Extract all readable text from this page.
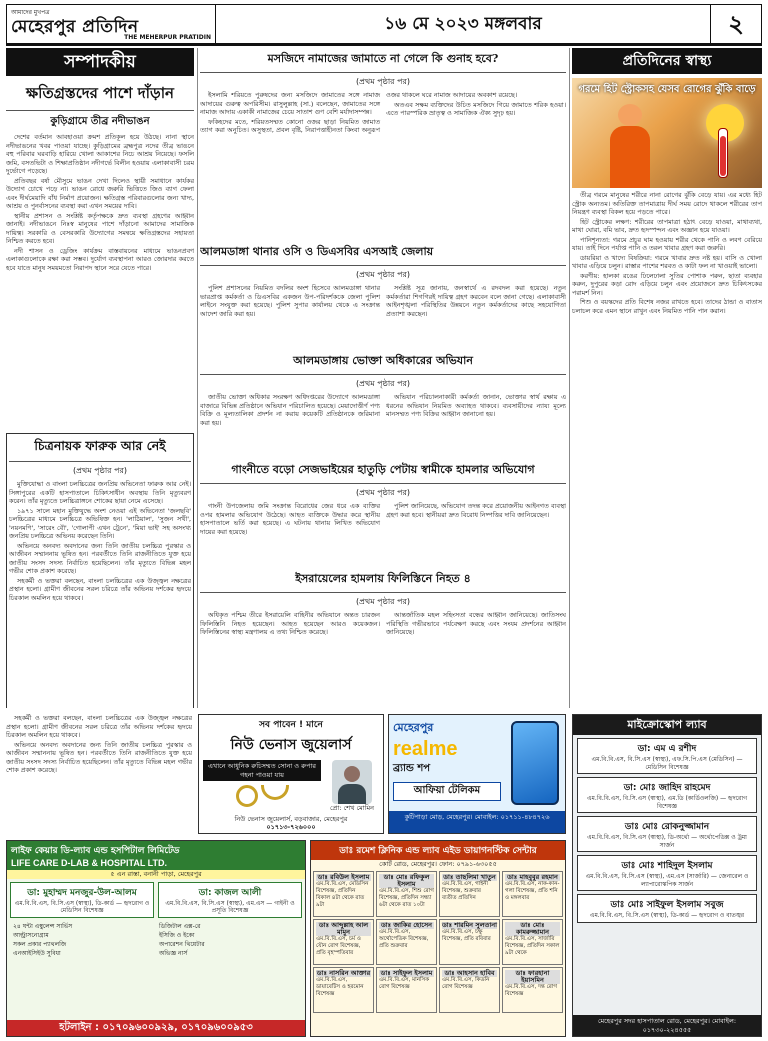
আমাদের মুখপত্র
মেহেরপুর প্রতিদিন
THE MEHERPUR PRATIDIN
১৬ মে ২০২৩ মঙ্গলবার	২
সম্পাদকীয়
ক্ষতিগ্রস্তদের পাশে দাঁড়ান
কুড়িগ্রামে তীব্র নদীভাঙন

দেশের বর্তমান আবহাওয়া ক্রমশ প্রতিকূল হয়ে উঠছে। নানা স্থানে নদীভাঙনের খবর পাওয়া যাচ্ছে। কুড়িগ্রামের ব্রহ্মপুত্র নদের তীব্র ভাঙনে বহু পরিবার ঘরবাড়ি হারিয়ে খোলা আকাশের নিচে আশ্রয় নিয়েছে। ফসলি জমি, বসতভিটা ও শিক্ষাপ্রতিষ্ঠান নদীগর্ভে বিলীন হওয়ায় এলাকাবাসী চরম দুর্ভোগে পড়েছে।

প্রতিবছর বর্ষা মৌসুমে ভাঙন দেখা দিলেও স্থায়ী সমাধানে কার্যকর উদ্যোগ চোখে পড়ে না। ভাঙন রোধে জরুরি ভিত্তিতে জিও ব্যাগ ফেলা এবং দীর্ঘমেয়াদি বাঁধ নির্মাণ প্রয়োজন। ক্ষতিগ্রস্ত পরিবারগুলোর জন্য খাদ্য, আশ্রয় ও পুনর্বাসনের ব্যবস্থা করা এখন সময়ের দাবি।

স্থানীয় প্রশাসন ও সংশ্লিষ্ট কর্তৃপক্ষকে দ্রুত ব্যবস্থা গ্রহণের আহ্বান জানাই। নদীভাঙনে নিঃস্ব মানুষের পাশে দাঁড়ানো আমাদের সামাজিক দায়িত্ব। সরকারি ও বেসরকারি উদ্যোগের সমন্বয়ে ক্ষতিগ্রস্তদের সহায়তা নিশ্চিত করতে হবে।

নদী শাসন ও ড্রেজিং কার্যক্রম বাস্তবায়নের মাধ্যমে ভাঙনপ্রবণ এলাকাগুলোকে রক্ষা করা সম্ভব। দুর্যোগ ব্যবস্থাপনা আরও জোরদার করতে হবে যাতে মানুষ সময়মতো নিরাপদ স্থানে সরে যেতে পারে।

চিত্রনায়ক ফারুক আর নেই
(প্রথম পৃষ্ঠার পর)

মুক্তিযোদ্ধা ও বাংলা চলচ্চিত্রের জনপ্রিয় অভিনেতা ফারুক আর নেই। সিঙ্গাপুরের একটি হাসপাতালে চিকিৎসাধীন অবস্থায় তিনি মৃত্যুবরণ করেন। তাঁর মৃত্যুতে চলচ্চিত্রাঙ্গনে শোকের ছায়া নেমে এসেছে।

১৯৭১ সালে মহান মুক্তিযুদ্ধে অংশ নেওয়া এই অভিনেতা 'জলছবি' চলচ্চিত্রের মাধ্যমে চলচ্চিত্রে অভিষিক্ত হন। 'লাঠিয়াল', 'সুজন সখী', 'নয়নমণি', 'সারেং বৌ', 'গোলাপী এখন ট্রেনে', 'মিয়া ভাই' সহ অসংখ্য জনপ্রিয় চলচ্চিত্রে অভিনয় করেছেন তিনি।

অভিনয়ে অনবদ্য অবদানের জন্য তিনি জাতীয় চলচ্চিত্র পুরস্কার ও আজীবন সম্মাননায় ভূষিত হন। পরবর্তীতে তিনি রাজনীতিতে যুক্ত হয়ে জাতীয় সংসদ সদস্য নির্বাচিত হয়েছিলেন। তাঁর মৃত্যুতে বিভিন্ন মহল গভীর শোক প্রকাশ করেছে।

সহকর্মী ও ভক্তরা বলছেন, বাংলা চলচ্চিত্রের এক উজ্জ্বল নক্ষত্রের প্রস্থান হলো। গ্রামীণ জীবনের সরল চরিত্রে তাঁর অভিনয় দর্শকের হৃদয়ে চিরকাল অমলিন হয়ে থাকবে।

মসজিদে নামাজের জামাতে না গেলে কি গুনাহ হবে?
(প্রথম পৃষ্ঠার পর)

ইসলামি শরিয়তে পুরুষদের জন্য মসজিদে জামাতের সঙ্গে নামাজ আদায়ের গুরুত্ব অপরিসীম। রাসুলুল্লাহ (সা.) বলেছেন, জামাতের সঙ্গে নামাজ আদায় একাকী নামাজের চেয়ে সাতাশ গুণ বেশি মর্যাদাসম্পন্ন।

ফকিহদের মতে, শরিয়তসম্মত কোনো ওজর ছাড়া নিয়মিত জামাত ত্যাগ করা অনুচিত। অসুস্থতা, প্রবল বৃষ্টি, নিরাপত্তাহীনতা কিংবা অনুরূপ ওজর থাকলে ঘরে নামাজ আদায়ের অবকাশ রয়েছে।

অতএব সক্ষম ব্যক্তিদের উচিত মসজিদে গিয়ে জামাতে শরিক হওয়া। এতে পারস্পরিক ভ্রাতৃত্ব ও সামাজিক ঐক্য সুদৃঢ় হয়।

আলমডাঙ্গা থানার ওসি ও ডিএসবির এসআই জেলায়
(প্রথম পৃষ্ঠার পর)

পুলিশ প্রশাসনের নিয়মিত বদলির অংশ হিসেবে আলমডাঙ্গা থানার ভারপ্রাপ্ত কর্মকর্তা ও ডিএসবির একজন উপ-পরিদর্শককে জেলা পুলিশ লাইনে সংযুক্ত করা হয়েছে। পুলিশ সুপার কার্যালয় থেকে এ সংক্রান্ত আদেশ জারি করা হয়।

সংশ্লিষ্ট সূত্র জানায়, জনস্বার্থে এ রদবদল করা হয়েছে। নতুন কর্মকর্তারা শিগগিরই দায়িত্ব গ্রহণ করবেন বলে জানা গেছে। এলাকাবাসী আইনশৃঙ্খলা পরিস্থিতির উন্নয়নে নতুন কর্মকর্তাদের কাছে সহযোগিতা প্রত্যাশা করছেন।

আলমডাঙ্গায় ভোক্তা অধিকারের অভিযান
(প্রথম পৃষ্ঠার পর)

জাতীয় ভোক্তা অধিকার সংরক্ষণ অধিদপ্তরের উদ্যোগে আলমডাঙ্গা বাজারে বিভিন্ন প্রতিষ্ঠানে অভিযান পরিচালিত হয়েছে। মেয়াদোত্তীর্ণ পণ্য বিক্রি ও মূল্যতালিকা প্রদর্শন না করায় কয়েকটি প্রতিষ্ঠানকে জরিমানা করা হয়।

অভিযান পরিচালনাকারী কর্মকর্তা জানান, ভোক্তার স্বার্থ রক্ষায় এ ধরনের অভিযান নিয়মিত অব্যাহত থাকবে। ব্যবসায়ীদের ন্যায্য মূল্যে মানসম্মত পণ্য বিক্রির আহ্বান জানানো হয়।

গাংনীতে বড়ো সেজভাইয়ের হাতুড়ি পেটায় স্বামীকে হামলার অভিযোগ
(প্রথম পৃষ্ঠার পর)

গাংনী উপজেলায় জমি সংক্রান্ত বিরোধের জের ধরে এক ব্যক্তির ওপর হামলার অভিযোগ উঠেছে। আহত ব্যক্তিকে উদ্ধার করে স্থানীয় হাসপাতালে ভর্তি করা হয়েছে। এ ঘটনায় থানায় লিখিত অভিযোগ দায়ের করা হয়েছে।

পুলিশ জানিয়েছে, অভিযোগ তদন্ত করে প্রয়োজনীয় আইনগত ব্যবস্থা গ্রহণ করা হবে। স্থানীয়রা দ্রুত বিরোধ নিষ্পত্তির দাবি জানিয়েছেন।

ইসরায়েলের হামলায় ফিলিস্তিনে নিহত ৪
(প্রথম পৃষ্ঠার পর)

অধিকৃত পশ্চিম তীরে ইসরায়েলি বাহিনীর অভিযানে অন্তত চারজন ফিলিস্তিনি নিহত হয়েছেন। আহত হয়েছেন আরও কয়েকজন। ফিলিস্তিনের স্বাস্থ্য মন্ত্রণালয় এ তথ্য নিশ্চিত করেছে।

আন্তর্জাতিক মহল সহিংসতা বন্ধের আহ্বান জানিয়েছে। জাতিসংঘ পরিস্থিতি গভীরভাবে পর্যবেক্ষণ করছে এবং সংযম প্রদর্শনের আহ্বান জানিয়েছে।

প্রতিদিনের স্বাস্থ্য
গরমে হিট স্ট্রোকসহ যেসব রোগের ঝুঁকি বাড়ে

তীব্র গরমে মানুষের শরীরে নানা রোগের ঝুঁকি বেড়ে যায়। এর মধ্যে হিট স্ট্রোক অন্যতম। অতিরিক্ত তাপমাত্রায় দীর্ঘ সময় রোদে থাকলে শরীরের তাপ নিয়ন্ত্রণ ব্যবস্থা বিকল হয়ে পড়তে পারে।

হিট স্ট্রোকের লক্ষণ: শরীরের তাপমাত্রা হঠাৎ বেড়ে যাওয়া, মাথাব্যথা, মাথা ঘোরা, বমি ভাব, দ্রুত হৃদস্পন্দন এবং অজ্ঞান হয়ে যাওয়া।

পানিশূন্যতা: গরমে প্রচুর ঘাম হওয়ায় শরীর থেকে পানি ও লবণ বেরিয়ে যায়। তাই দিনে পর্যাপ্ত পানি ও তরল খাবার গ্রহণ করা জরুরি।

ডায়রিয়া ও খাদ্যে বিষক্রিয়া: গরমে খাবার দ্রুত নষ্ট হয়। বাসি ও খোলা খাবার এড়িয়ে চলুন। রাস্তার পাশের শরবত ও কাটা ফল না খাওয়াই ভালো।

করণীয়: হালকা রঙের ঢিলেঢালা সুতির পোশাক পরুন, ছাতা ব্যবহার করুন, দুপুরের কড়া রোদ এড়িয়ে চলুন এবং প্রয়োজনে দ্রুত চিকিৎসকের পরামর্শ নিন।

শিশু ও বয়স্কদের প্রতি বিশেষ নজর রাখতে হবে। তাদের ঠান্ডা ও বাতাস চলাচল করে এমন স্থানে রাখুন এবং নিয়মিত পানি পান করান।

সব পাবেন ! মানে
নিউ ভেনাস জুয়েলার্স
এখানে আধুনিক রুচিসম্মত সোনা ও রুপার গহনা পাওয়া যায়
প্রো: শেখ মোমিন
নিউ ভেনাস জুয়েলার্স, বড়বাজার, মেহেরপুর
০১৭১৩-৭২৬০০০
মেহেরপুর
realme
ব্র্যান্ড শপ
আফিয়া টেলিকম
কুটিপাড়া মোড়, মেহেরপুর। মোবাইল: ০১৭১১-৪৮৪৭২৬
মাইক্রোস্কোপ ল্যাব
ডা: এম এ রশীদ
এম.বি.বি.এস, বি.সি.এস (স্বাস্থ্য), এফ.সি.পি.এস (মেডিসিন) — মেডিসিন বিশেষজ্ঞ
ডা: মোঃ জাহিদ রাহমেদ
এম.বি.বি.এস, বি.সি.এস (স্বাস্থ্য), এম.ডি (কার্ডিওলজি) — হৃদরোগ বিশেষজ্ঞ
ডাঃ মোঃ রোকনুজ্জামান
এম.বি.বি.এস, বি.সি.এস (স্বাস্থ্য), ডি-অর্থো — অর্থোপেডিক্স ও ট্রমা সার্জন
ডাঃ মোঃ শাহিদুল ইসলাম
এম.বি.বি.এস, বি.সি.এস (স্বাস্থ্য), এম.এস (সার্জারি) — জেনারেল ও ল্যাপারোস্কপিক সার্জন
ডাঃ মোঃ সাইফুল ইসলাম সবুজ
এম.বি.বি.এস, বি.সি.এস (স্বাস্থ্য), ডি-কার্ড — হৃদরোগ ও বাতজ্বর
মেহেরপুর সদর হাসপাতাল রোড, মেহেরপুর। মোবাইল: ০১৭৩০-২২৪৫৫৫
লাইফ কেয়ার ডি-ল্যাব এন্ড হসপিটাল লিমিটেড
LIFE CARE D-LAB & HOSPITAL LTD.
৫ এন রাস্তা, বনানী পাড়া, মেহেরপুর
ডা: মুহাম্মদ মনজুর-উল-আলম
এম.বি.বি.এস, বি.সি.এস (স্বাস্থ্য), ডি-কার্ড — হৃদরোগ ও মেডিসিন বিশেষজ্ঞ
ডা: কাজল আলী
এম.বি.বি.এস, বি.সি.এস (স্বাস্থ্য), এম.এস — গাইনী ও প্রসূতি বিশেষজ্ঞ
২৪ ঘন্টা এম্বুলেন্স সার্ভিস	ডিজিটাল এক্স-রে
আল্ট্রাসনোগ্রাম	ইসিজি ও ইকো
সকল প্রকার প্যাথলজি	অপারেশন থিয়েটার
এনআইসিইউ সুবিধা	অভিজ্ঞ নার্স
হটলাইন : ০১৭০৯৬০০৯২৯, ০১৭০৯৬০০৯৫৩
ডাঃ রমেশ ক্লিনিক এন্ড ল্যাব এইড ডায়াগনস্টিক সেন্টার
কোর্ট রোড, মেহেরপুর। ফোন: ০৭৯১-৬৩০৫৫
ডাঃ রবিউল ইসলাম
এম.বি.বি.এস, মেডিসিন বিশেষজ্ঞ, প্রতিদিন বিকাল ৪টা থেকে রাত ৯টা
ডাঃ মোঃ রফিকুল ইসলাম
এম.বি.বি.এস, শিশু রোগ বিশেষজ্ঞ, প্রতিদিন সন্ধ্যা ৬টা থেকে রাত ১০টা
ডাঃ তাছলিমা খাতুন
এম.বি.বি.এস, গাইনী বিশেষজ্ঞ, শুক্রবার ব্যতীত প্রতিদিন
ডাঃ মাহবুবুর রহমান
এম.বি.বি.এস, নাক-কান-গলা বিশেষজ্ঞ, প্রতি শনি ও মঙ্গলবার
ডাঃ আব্দুল্লাহ আল মামুন
এম.বি.বি.এস, চর্ম ও যৌন রোগ বিশেষজ্ঞ, প্রতি বৃহস্পতিবার
ডাঃ জাকির হোসেন
এম.বি.বি.এস, অর্থোপেডিক বিশেষজ্ঞ, প্রতি শুক্রবার
ডাঃ শারমিন সুলতানা
এম.বি.বি.এস, চক্ষু বিশেষজ্ঞ, প্রতি রবিবার
ডাঃ মোঃ কামরুজ্জামান
এম.বি.বি.এস, সার্জারি বিশেষজ্ঞ, প্রতিদিন সকাল ৯টা থেকে
ডাঃ নাসরিন আক্তার
এম.বি.বি.এস, ডায়াবেটিস ও হরমোন বিশেষজ্ঞ
ডাঃ সাইফুল ইসলাম
এম.বি.বি.এস, মানসিক রোগ বিশেষজ্ঞ
ডাঃ আহসান হাবিব
এম.বি.বি.এস, কিডনি রোগ বিশেষজ্ঞ
ডাঃ ফারহানা ইয়াসমিন
এম.বি.বি.এস, দন্ত রোগ বিশেষজ্ঞ

সহকর্মী ও ভক্তরা বলছেন, বাংলা চলচ্চিত্রের এক উজ্জ্বল নক্ষত্রের প্রস্থান হলো। গ্রামীণ জীবনের সরল চরিত্রে তাঁর অভিনয় দর্শকের হৃদয়ে চিরকাল অমলিন হয়ে থাকবে।

অভিনয়ে অনবদ্য অবদানের জন্য তিনি জাতীয় চলচ্চিত্র পুরস্কার ও আজীবন সম্মাননায় ভূষিত হন। পরবর্তীতে তিনি রাজনীতিতে যুক্ত হয়ে জাতীয় সংসদ সদস্য নির্বাচিত হয়েছিলেন। তাঁর মৃত্যুতে বিভিন্ন মহল গভীর শোক প্রকাশ করেছে।
